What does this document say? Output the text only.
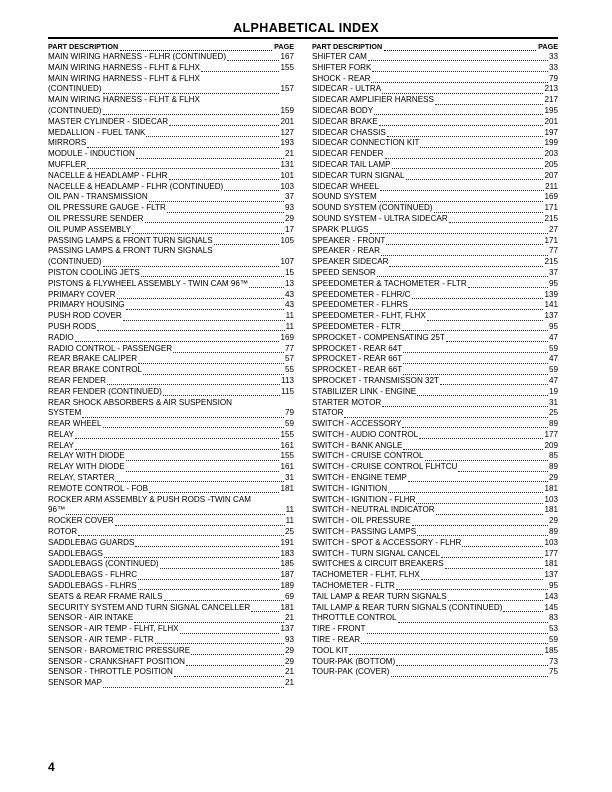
ALPHABETICAL INDEX
PART DESCRIPTION	PAGE
MAIN WIRING HARNESS - FLHR (CONTINUED)	167
MAIN WIRING HARNESS - FLHT & FLHX	155
MAIN WIRING HARNESS - FLHT & FLHX
(CONTINUED)	157
MAIN WIRING HARNESS - FLHT & FLHX
(CONTINUED)	159
MASTER CYLINDER - SIDECAR	201
MEDALLION - FUEL TANK	127
MIRRORS	193
MODULE - INDUCTION	21
MUFFLER	131
NACELLE & HEADLAMP - FLHR	101
NACELLE & HEADLAMP - FLHR (CONTINUED)	103
OIL PAN - TRANSMISSION	37
OIL PRESSURE GAUGE - FLTR	93
OIL PRESSURE SENDER	29
OIL PUMP ASSEMBLY	17
PASSING LAMPS & FRONT TURN SIGNALS	105
PASSING LAMPS & FRONT TURN SIGNALS
(CONTINUED)	107
PISTON COOLING JETS	15
PISTONS & FLYWHEEL ASSEMBLY - TWIN CAM 96™	13
PRIMARY COVER	43
PRIMARY HOUSING	43
PUSH ROD COVER	11
PUSH RODS	11
RADIO	169
RADIO CONTROL - PASSENGER	77
REAR BRAKE CALIPER	57
REAR BRAKE CONTROL	55
REAR FENDER	113
REAR FENDER (CONTINUED)	115
REAR SHOCK ABSORBERS & AIR SUSPENSION
SYSTEM	79
REAR WHEEL	59
RELAY	155
RELAY	161
RELAY WITH DIODE	155
RELAY WITH DIODE	161
RELAY, STARTER	31
REMOTE CONTROL - FOB	181
ROCKER ARM ASSEMBLY & PUSH RODS -TWIN CAM
96™	11
ROCKER COVER	11
ROTOR	25
SADDLEBAG GUARDS	191
SADDLEBAGS	183
SADDLEBAGS (CONTINUED)	185
SADDLEBAGS - FLHRC	187
SADDLEBAGS - FLHRS	189
SEATS & REAR FRAME RAILS	69
SECURITY SYSTEM AND TURN SIGNAL CANCELLER	181
SENSOR - AIR INTAKE	21
SENSOR - AIR TEMP - FLHT, FLHX	137
SENSOR - AIR TEMP - FLTR	93
SENSOR - BAROMETRIC PRESSURE	29
SENSOR - CRANKSHAFT POSITION	29
SENSOR - THROTTLE POSITION	21
SENSOR MAP	21
PART DESCRIPTION	PAGE
SHIFTER CAM	33
SHIFTER FORK	33
SHOCK - REAR	79
SIDECAR - ULTRA	213
SIDECAR AMPLIFIER HARNESS	217
SIDECAR BODY	195
SIDECAR BRAKE	201
SIDECAR CHASSIS	197
SIDECAR CONNECTION KIT	199
SIDECAR FENDER	203
SIDECAR TAIL LAMP	205
SIDECAR TURN SIGNAL	207
SIDECAR WHEEL	211
SOUND SYSTEM	169
SOUND SYSTEM (CONTINUED)	171
SOUND SYSTEM - ULTRA SIDECAR	215
SPARK PLUGS	27
SPEAKER - FRONT	171
SPEAKER - REAR	77
SPEAKER SIDECAR	215
SPEED SENSOR	37
SPEEDOMETER & TACHOMETER - FLTR	95
SPEEDOMETER - FLHR/C	139
SPEEDOMETER - FLHRS	141
SPEEDOMETER - FLHT, FLHX	137
SPEEDOMETER - FLTR	95
SPROCKET - COMPENSATING 25T	47
SPROCKET - REAR 64T	59
SPROCKET - REAR 66T	47
SPROCKET - REAR 66T	59
SPROCKET - TRANSMISSON 32T	47
STABILIZER LINK - ENGINE	19
STARTER MOTOR	31
STATOR	25
SWITCH - ACCESSORY	89
SWITCH - AUDIO CONTROL	177
SWITCH - BANK ANGLE	209
SWITCH - CRUISE CONTROL	85
SWITCH - CRUISE CONTROL FLHTCU	89
SWITCH - ENGINE TEMP	29
SWITCH - IGNITION	181
SWITCH - IGNITION - FLHR	103
SWITCH - NEUTRAL INDICATOR	181
SWITCH - OIL PRESSURE	29
SWITCH - PASSING LAMPS	89
SWITCH - SPOT & ACCESSORY - FLHR	103
SWITCH - TURN SIGNAL CANCEL	177
SWITCHES & CIRCUIT BREAKERS	181
TACHOMETER - FLHT, FLHX	137
TACHOMETER - FLTR	95
TAIL LAMP & REAR TURN SIGNALS	143
TAIL LAMP & REAR TURN SIGNALS (CONTINUED)	145
THROTTLE CONTROL	83
TIRE - FRONT	53
TIRE - REAR	59
TOOL KIT	185
TOUR-PAK (BOTTOM)	73
TOUR-PAK (COVER)	75
4
